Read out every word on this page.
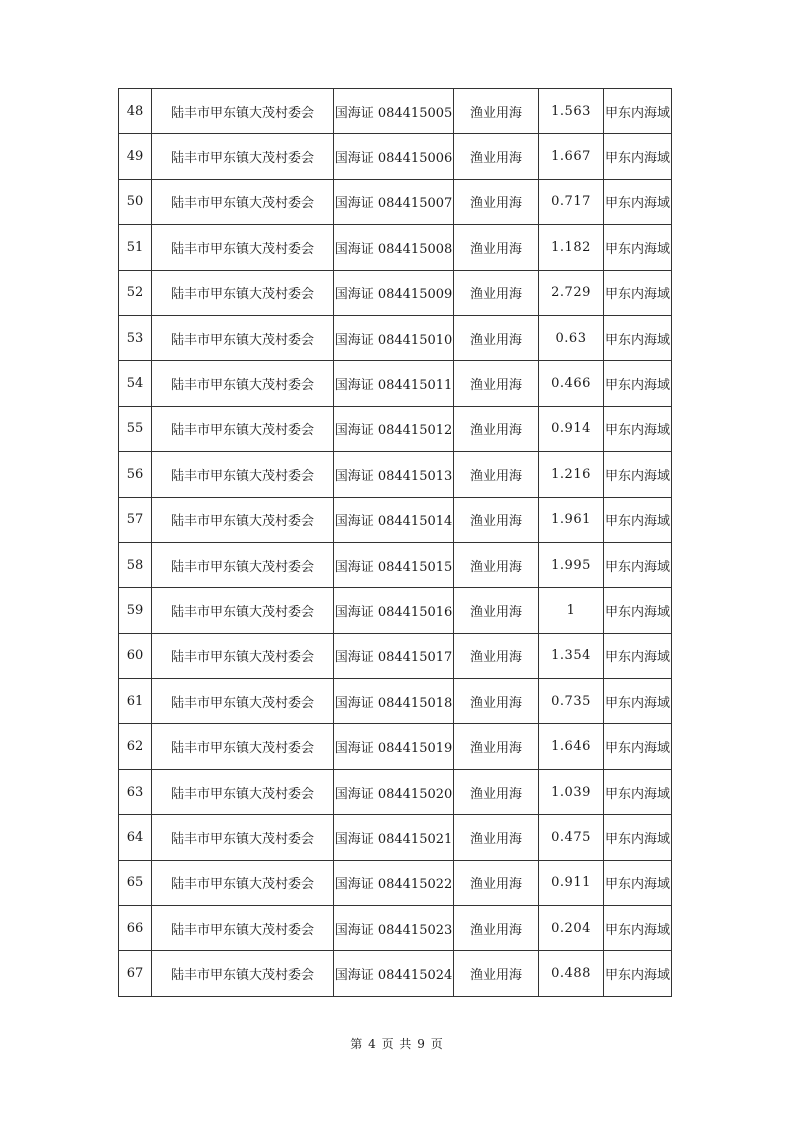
48	陆丰市甲东镇大茂村委会	国海证 084415005	渔业用海	1.563	甲东内海域
49	陆丰市甲东镇大茂村委会	国海证 084415006	渔业用海	1.667	甲东内海域
50	陆丰市甲东镇大茂村委会	国海证 084415007	渔业用海	0.717	甲东内海域
51	陆丰市甲东镇大茂村委会	国海证 084415008	渔业用海	1.182	甲东内海域
52	陆丰市甲东镇大茂村委会	国海证 084415009	渔业用海	2.729	甲东内海域
53	陆丰市甲东镇大茂村委会	国海证 084415010	渔业用海	0.63	甲东内海域
54	陆丰市甲东镇大茂村委会	国海证 084415011	渔业用海	0.466	甲东内海域
55	陆丰市甲东镇大茂村委会	国海证 084415012	渔业用海	0.914	甲东内海域
56	陆丰市甲东镇大茂村委会	国海证 084415013	渔业用海	1.216	甲东内海域
57	陆丰市甲东镇大茂村委会	国海证 084415014	渔业用海	1.961	甲东内海域
58	陆丰市甲东镇大茂村委会	国海证 084415015	渔业用海	1.995	甲东内海域
59	陆丰市甲东镇大茂村委会	国海证 084415016	渔业用海	1	甲东内海域
60	陆丰市甲东镇大茂村委会	国海证 084415017	渔业用海	1.354	甲东内海域
61	陆丰市甲东镇大茂村委会	国海证 084415018	渔业用海	0.735	甲东内海域
62	陆丰市甲东镇大茂村委会	国海证 084415019	渔业用海	1.646	甲东内海域
63	陆丰市甲东镇大茂村委会	国海证 084415020	渔业用海	1.039	甲东内海域
64	陆丰市甲东镇大茂村委会	国海证 084415021	渔业用海	0.475	甲东内海域
65	陆丰市甲东镇大茂村委会	国海证 084415022	渔业用海	0.911	甲东内海域
66	陆丰市甲东镇大茂村委会	国海证 084415023	渔业用海	0.204	甲东内海域
67	陆丰市甲东镇大茂村委会	国海证 084415024	渔业用海	0.488	甲东内海域
第 4 页 共 9 页
